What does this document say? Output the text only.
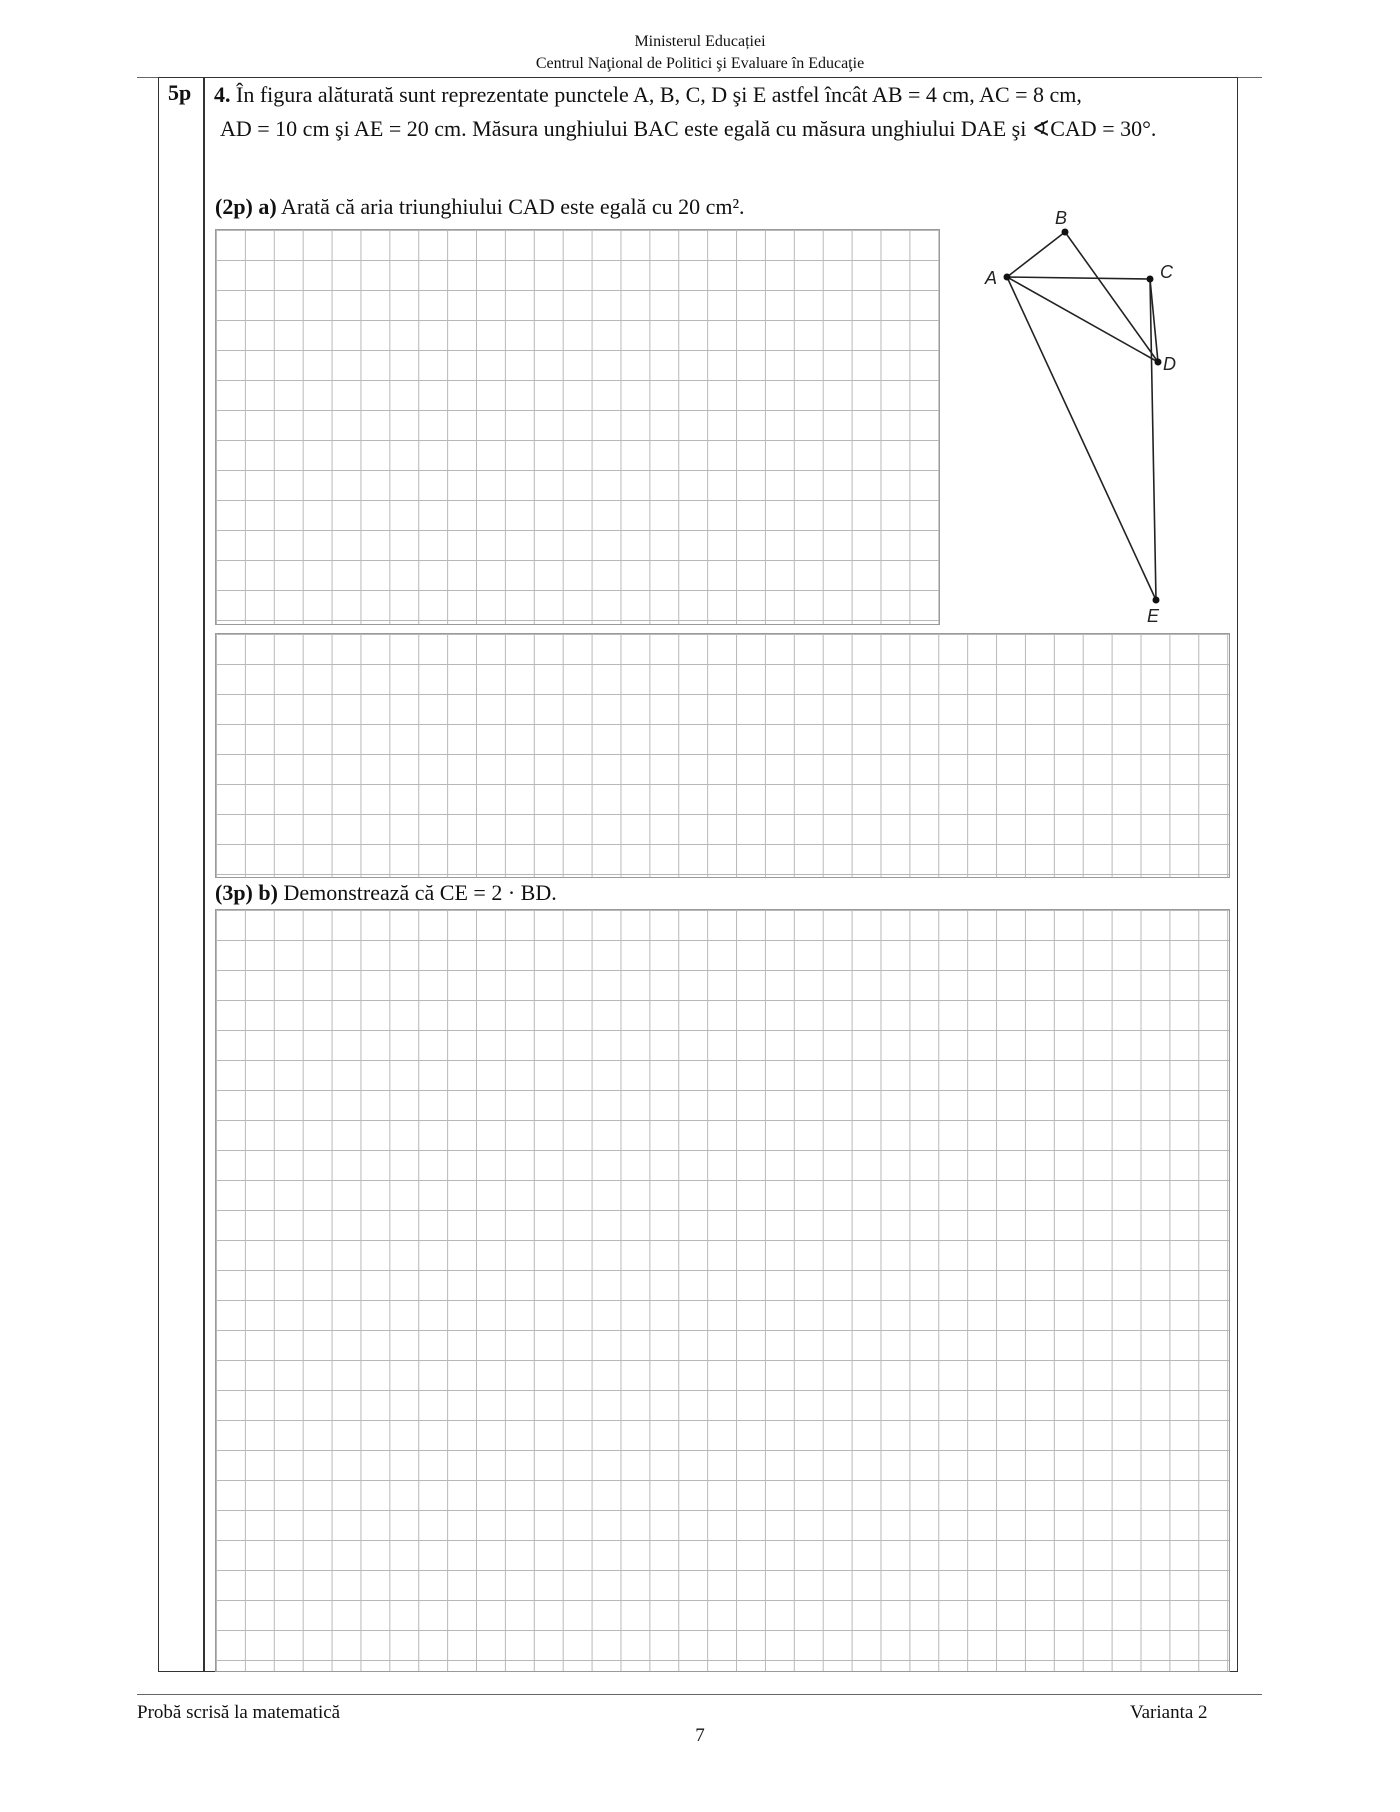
Ministerul Educației
Centrul Naţional de Politici şi Evaluare în Educaţie
5p 4. În figura alăturată sunt reprezentate punctele A, B, C, D şi E astfel încât AB = 4 cm, AC = 8 cm,
AD = 10 cm şi AE = 20 cm. Măsura unghiului BAC este egală cu măsura unghiului DAE şi ∢CAD = 30°.
(2p) a) Arată că aria triunghiului CAD este egală cu 20 cm².
(3p) b) Demonstrează că CE = 2 · BD.
A
B
C
D
E
Probă scrisă la matematică	Varianta 2
7
